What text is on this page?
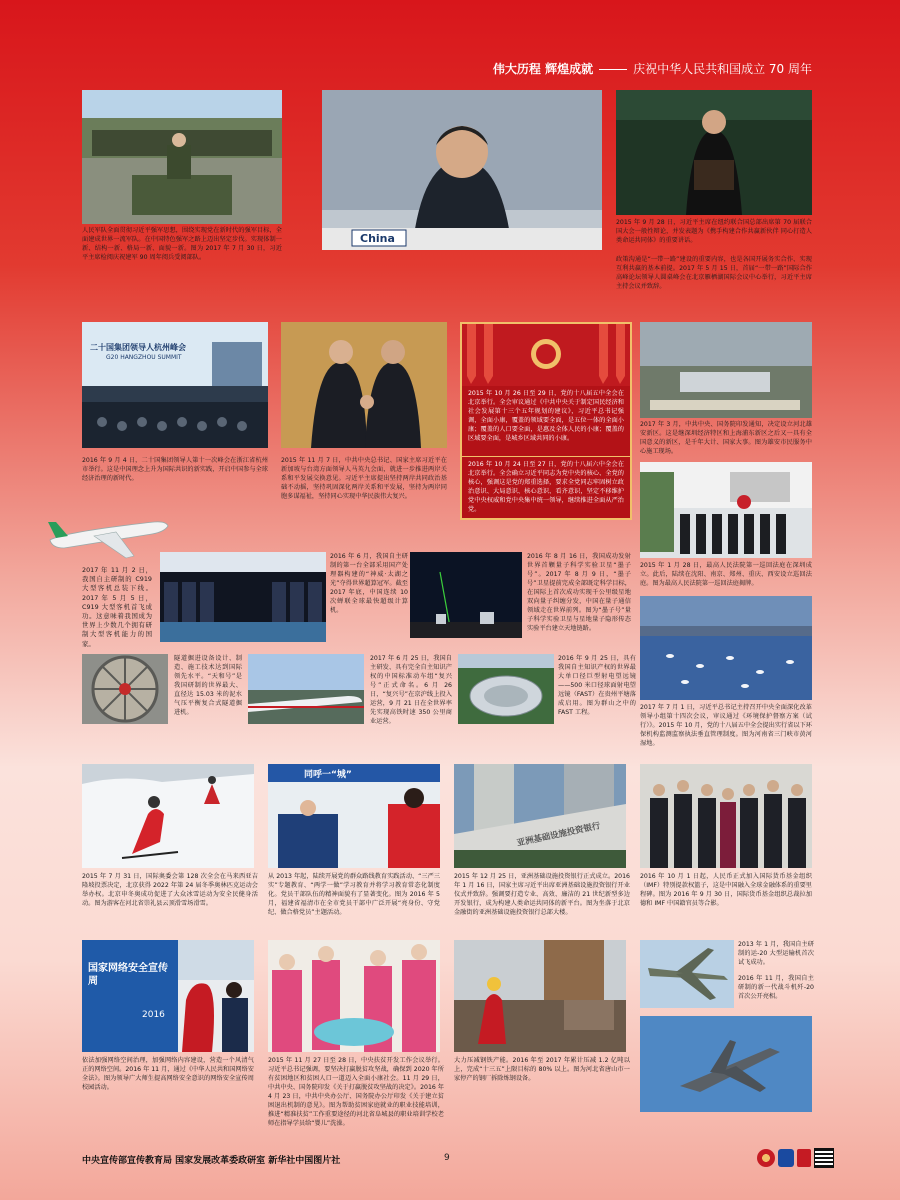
伟大历程 辉煌成就	庆祝中华人民共和国成立 70 周年
人民军队全面贯彻习近平强军思想，围绕实现党在新时代的强军目标，全面建成世界一流军队。在中国特色强军之路上迈出坚定步伐。实现体制一新、结构一新、格局一新、面貌一新。图为 2017 年 7 月 30 日，习近平主席检阅庆祝建军 90 周年阅兵受阅部队。
China
2015 年 9 月 28 日，习近平主席在纽约联合国总部出席第 70 届联合国大会一般性辩论，并发表题为《携手构建合作共赢新伙伴 同心打造人类命运共同体》的重要讲话。
政策沟通是“一带一路”建设的重要内容，也是各国开展务实合作、实现互利共赢的基本前提。2017 年 5 月 15 日，首届“一带一路”国际合作高峰论坛领导人圆桌峰会在北京雁栖湖国际会议中心举行，习近平主席主持会议并致辞。
二十国集团领导人杭州峰会
G20 HANGZHOU SUMMIT
2016 年 9 月 4 日，二十国集团领导人第十一次峰会在浙江省杭州市举行。这是中国理念上升为国际共识的新实践，开启中国参与全球经济治理的新时代。
2015 年 11 月 7 日，中共中央总书记、国家主席习近平在新加坡与台湾方面领导人马英九会面，就进一步推进两岸关系和平发展交换意见。习近平主席提出坚持两岸共同政治基础不动摇，坚持巩固深化两岸关系和平发展，坚持为两岸同胞多谋福祉，坚持同心实现中华民族伟大复兴。
2015 年 10 月 26 日至 29 日，党的十八届五中全会在北京举行。全会审议通过《中共中央关于制定国民经济和社会发展第十三个五年规划的建议》，习近平总书记强调，全面小康，覆盖的领域要全面，是五位一体的全面小康；覆盖的人口要全面，是惠及全体人民的小康；覆盖的区域要全面，是城乡区域共同的小康。
2016 年 10 月 24 日至 27 日，党的十八届六中全会在北京举行。全会确立习近平同志为党中央的核心、全党的核心，强调这是党的郑重选择，要求全党同志牢固树立政治意识、大局意识、核心意识、看齐意识，坚定不移维护党中央权威和党中央集中统一领导，继续推进全面从严治党。
2017 年 3 月，中共中央、国务院印发通知，决定设立河北雄安新区。这是继深圳经济特区和上海浦东新区之后又一具有全国意义的新区，是千年大计、国家大事。图为雄安市民服务中心施工现场。
2015 年 1 月 28 日，最高人民法院第一巡回法庭在深圳成立。此后，陆续在沈阳、南京、郑州、重庆、西安设立巡回法庭。图为最高人民法院第一巡回法庭揭牌。
2017 年 11 月 2 日，我国自主研制的 C919 大型客机总装下线。2017 年 5 月 5 日，C919 大型客机首飞成功。这意味着我国成为世界上少数几个拥有研制大型客机能力的国家。
2016 年 6 月，我国自主研制的第一台全部采用国产处理器构建的“神威·太湖之光”夺得世界超算冠军。截至 2017 年底，中国连续 10 次蝉联全球最快超级计算机。
2016 年 8 月 16 日，我国成功发射世界首颗量子科学实验卫星“墨子号”。2017 年 8 月 9 日，“墨子号”卫星提前完成全部既定科学目标，在国际上首次成功实现千公里级星地双向量子纠缠分发，中国在量子通信领域走在世界前列。图为“墨子号”量子科学实验卫星与星地量子隐形传态实验平台建立天地链路。
2017 年 7 月 1 日，习近平总书记主持召开中央全面深化改革领导小组第十四次会议，审议通过《环境保护督察方案（试行）》。2015 年 10 月，党的十八届五中全会提出实行省以下环保机构监测监察执法垂直管理制度。图为河南省三门峡市黄河湿地。
隧道掘进设备设计、制造、施工技术达到国际领先水平。“天和号”是我国研制的世界最大、直径达 15.03 米的泥水气压平衡复合式隧道掘进机。
2017 年 6 月 25 日，我国自主研发、具有完全自主知识产权的中国标准动车组“复兴号”正式命名。6 月 26 日，“复兴号”在京沪线上投入运营，9 月 21 日在全世界率先实现高铁时速 350 公里商业运营。
2016 年 9 月 25 日，具有我国自主知识产权的世界最大单口径巨型射电望远镜——500 米口径球面射电望远镜（FAST）在贵州平塘落成启用。图为群山之中的 FAST 工程。
2015 年 7 月 31 日，国际奥委会第 128 次全会在马来西亚吉隆坡投票决定，北京获得 2022 年第 24 届冬季奥林匹克运动会举办权。北京申冬奥成功促进了大众冰雪运动为安全民健身活动。图为游客在河北省崇礼县云顶滑雪场滑雪。
同呼一“城”
从 2013 年起，陆续开展党的群众路线教育实践活动、“三严三实”专题教育、“两学一做”学习教育并将学习教育常态化制度化。党员干部队伍的精神面貌有了显著变化。图为 2016 年 5 月，福建省福清市在全市党员干部中广泛开展“亮身份、守党纪、做合格党员”主题活动。
亚洲基础设施投资银行
2015 年 12 月 25 日，亚洲基础设施投资银行正式成立。2016 年 1 月 16 日，国家主席习近平出席亚洲基础设施投资银行开业仪式并致辞。强调要打造专业、高效、廉洁的 21 世纪新型多边开发银行，成为构建人类命运共同体的新平台。图为坐落于北京金融街的亚洲基础设施投资银行总部大楼。
2016 年 10 月 1 日起，人民币正式加入国际货币基金组织（IMF）特别提款权篮子，这是中国融入全球金融体系的重要里程碑。图为 2016 年 9 月 30 日，国际货币基金组织总裁拉加德和 IMF 中国籍官员等合影。
国家网络安全宣传周
2016
依法加强网络空间治理，加强网络内容建设，营造一个风清气正的网络空间。2016 年 11 月，通过《中华人民共和国网络安全法》。图为领导广大师生提高网络安全意识的网络安全宣传周校园活动。
2015 年 11 月 27 日至 28 日，中央扶贫开发工作会议举行。习近平总书记强调，要坚决打赢脱贫攻坚战，确保到 2020 年所有贫困地区和贫困人口一道迈入全面小康社会。11 月 29 日，中共中央、国务院印发《关于打赢脱贫攻坚战的决定》。2016 年 4 月 23 日，中共中央办公厅、国务院办公厅印发《关于建立贫困退出机制的意见》。图为帮助贫困家庭就业的职业技能培训，推进“精准扶贫”工作重要途径的河北省阜城县的职业培训学校老师在指导学员给“婴儿”洗澡。
大力压减钢铁产能。2016 年至 2017 年累计压减 1.2 亿吨以上，完成“十三五”上限目标的 80% 以上。图为河北省唐山市一家停产的钢厂拆除炼钢设备。
2013 年 1 月，我国自主研制的运-20 大型运输机首次试飞成功。
2016 年 11 月，我国自主研制的新一代战斗机歼-20 首次公开亮相。
中央宣传部宣传教育局 国家发展改革委政研室 新华社中国图片社	9
